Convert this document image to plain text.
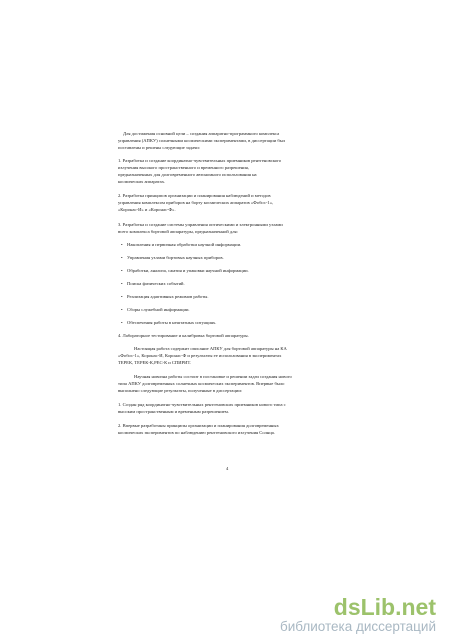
Для достижения основной цели – создания аппаратно-программного комплекса
управления (АПКУ) солнечными космическими экспериментами, в диссертации был
поставлены и решены следующие задачи:
1. Разработка и создание координатно-чувствительных приемников рентгеновского
излучения высокого пространственного и временного разрешения,
предназначенных для долговременного автономного использования на
космических аппаратах.
2. Разработка принципов организации и планирования наблюдений и методов
управления комплексом приборов на борту космических аппаратов «Фобос-1»,
«Коронас-И» и «Коронас-Ф».
3. Разработка и создание системы управления оптическими и электронными узлами
всего комплекса бортовой аппаратуры, предназначенной для:
• Накопления и первичная обработки научной информации.
• Управления узлами бортовых научных приборов.
• Обработки, анализа, сжатия и упаковки научной информации.
• Поиска физических событий.
• Реализация адаптивных режимов работы.
• Сборы служебной информации.
• Обеспечения работы в нештатных ситуациях.
4. Лабораторное тестирование и калибровка бортовой аппаратуры.
Настоящая работа содержит описание АПКУ для бортовой аппаратуры на КА
«Фобос-1», Коронас-И, Коронас-Ф и результаты ее использования в экспериментах
ТЕРЕК, ТЕРЕК-К,РЕС-К и СПИРИТ.
Научная новизна работы состоит в постановке и решении задач создания нового
типа АПКУ долговременных солнечных космических экспериментов. Впервые было
выполнено следующие результаты, полученные в диссертации:
1. Создан ряд координатно-чувствительных рентгеновских приемников нового типа с
высоким пространственным и временным разрешением.
2. Впервые разработаны принципы организации и планирования долговременных
космических экспериментов по наблюдению рентгеновского излучения Солнца.
4
dsLib.net
библиотека диссертаций
